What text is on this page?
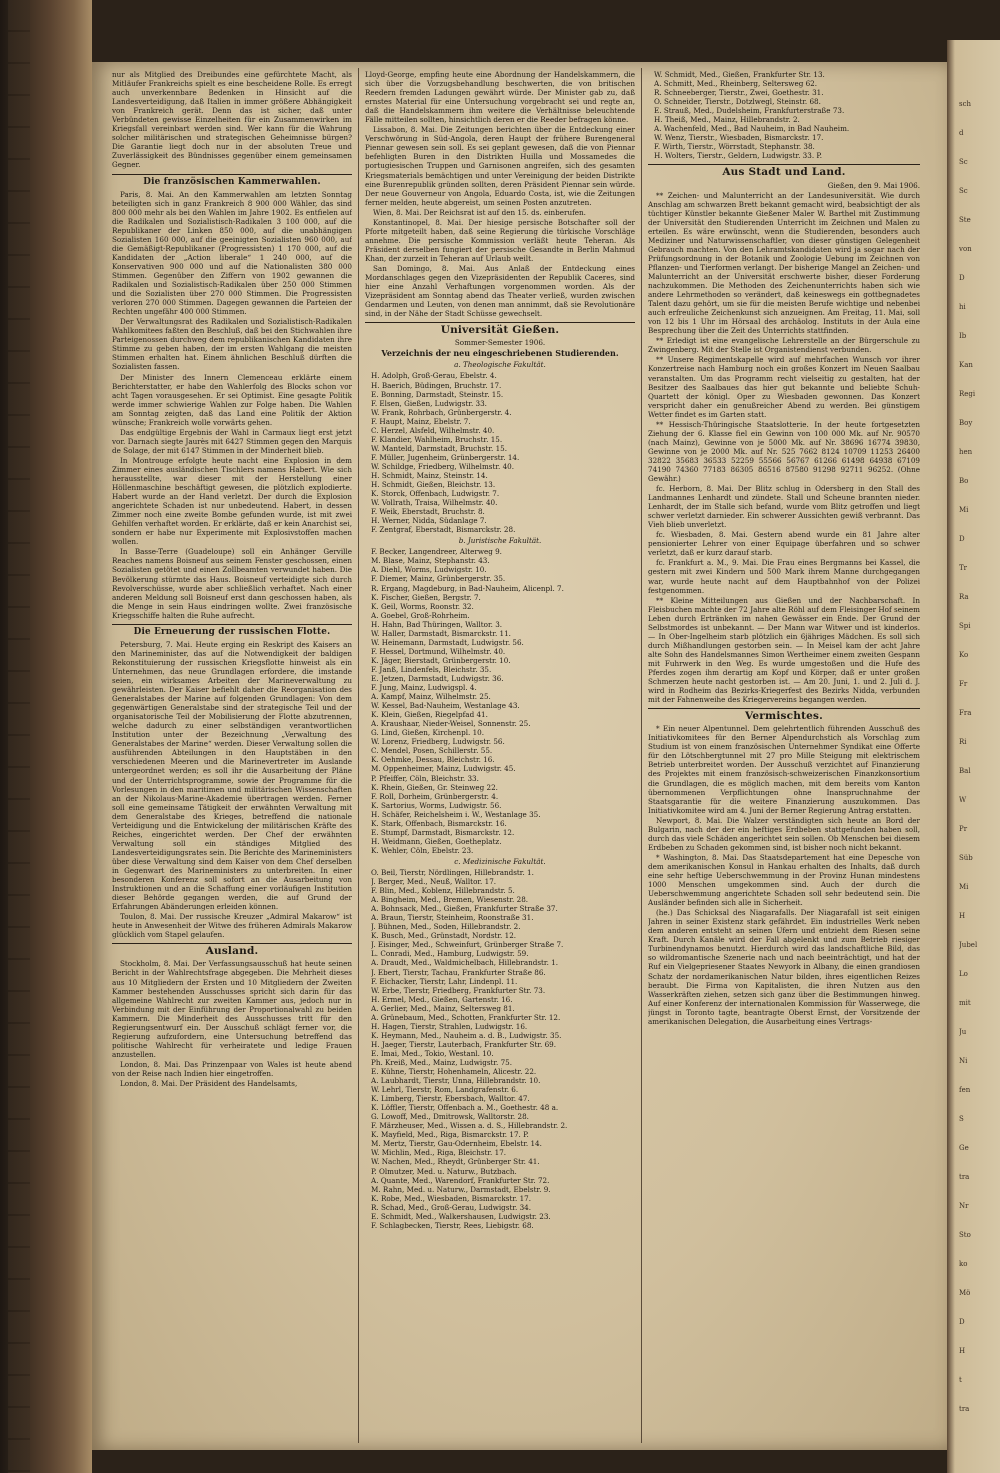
sch
d
Sc
Sc
Ste
von
D
hi
Ib
Kan
Regi
Boy
hen
Bo
Mi
D
Tr
Ra
Spi
Ko
Fr
Fra
Ri
Bal
W
Pr
Süb
Mi
H
Jubel
Lo
mit
Ju
Ni
fen
S
Ge
tra
Nr
Sto
ko
Mö
D
H
t
tra

nur als Mitglied des Dreibundes eine gefürchtete Macht, als Mitläufer Frankreichs spielt es eine bescheidene Rolle. Es erregt auch unverkennbare Bedenken in Hinsicht auf die Landesverteidigung, daß Italien in immer größere Abhängigkeit von Frankreich gerät. Denn das ist sicher, daß unter Verbündeten gewisse Einzelheiten für ein Zusammenwirken im Kriegsfall vereinbart werden sind. Wer kann für die Wahrung solcher militärischen und strategischen Geheimnisse bürgen? Die Garantie liegt doch nur in der absoluten Treue und Zuverlässigkeit des Bündnisses gegenüber einem gemeinsamen Gegner.

Die französischen Kammerwahlen.

Paris, 8. Mai. An den Kammerwahlen am letzten Sonntag beteiligten sich in ganz Frankreich 8 900 000 Wähler, das sind 800 000 mehr als bei den Wahlen im Jahre 1902. Es entfielen auf die Radikalen und Sozialistisch-Radikalen 3 100 000, auf die Republikaner der Linken 850 000, auf die unabhängigen Sozialisten 160 000, auf die geeinigten Sozialisten 960 000, auf die Gemäßigt-Republikaner (Progressisten) 1 170 000, auf die Kandidaten der „Action liberale“ 1 240 000, auf die Konservativen 900 000 und auf die Nationalisten 380 000 Stimmen. Gegenüber den Ziffern von 1902 gewannen die Radikalen und Sozialistisch-Radikalen über 250 000 Stimmen und die Sozialisten über 270 000 Stimmen. Die Progressisten verloren 270 000 Stimmen. Dagegen gewannen die Parteien der Rechten ungefähr 400 000 Stimmen.

Der Verwaltungsrat des Radikalen und Sozialistisch-Radikalen Wahlkomitees faßten den Beschluß, daß bei den Stichwahlen ihre Parteigenossen durchweg dem republikanischen Kandidaten ihre Stimme zu geben haben, der im ersten Wahlgang die meisten Stimmen erhalten hat. Einem ähnlichen Beschluß dürften die Sozialisten fassen.

Der Minister des Innern Clemenceau erklärte einem Berichterstatter, er habe den Wahlerfolg des Blocks schon vor acht Tagen vorausgesehen. Er sei Optimist. Eine gesagte Politik werde immer schwierige Wahlen zur Folge haben. Die Wahlen am Sonntag zeigten, daß das Land eine Politik der Aktion wünsche; Frankreich wolle vorwärts gehen.

Das endgültige Ergebnis der Wahl in Carmaux liegt erst jetzt vor. Darnach siegte Jaurès mit 6427 Stimmen gegen den Marquis de Solage, der mit 6147 Stimmen in der Minderheit blieb.

In Montrouge erfolgte heute nacht eine Explosion in dem Zimmer eines ausländischen Tischlers namens Habert. Wie sich herausstellte, war dieser mit der Herstellung einer Höllenmaschine beschäftigt gewesen, die plötzlich explodierte. Habert wurde an der Hand verletzt. Der durch die Explosion angerichtete Schaden ist nur unbedeutend. Habert, in dessen Zimmer noch eine zweite Bombe gefunden wurde, ist mit zwei Gehilfen verhaftet worden. Er erklärte, daß er kein Anarchist sei, sondern er habe nur Experimente mit Explosivstoffen machen wollen.

In Basse-Terre (Guadeloupe) soll ein Anhänger Gerville Reaches namens Boisneuf aus seinem Fenster geschossen, einen Sozialisten getötet und einen Zollbeamten verwundet haben. Die Bevölkerung stürmte das Haus. Boisneuf verteidigte sich durch Revolverschüsse, wurde aber schließlich verhaftet. Nach einer anderen Meldung soll Boisneuf erst dann geschossen haben, als die Menge in sein Haus eindringen wollte. Zwei französische Kriegsschiffe halten die Ruhe aufrecht.

Die Erneuerung der russischen Flotte.

Petersburg, 7. Mai. Heute erging ein Reskript des Kaisers an den Marineminister, das auf die Notwendigkeit der baldigen Rekonstituierung der russischen Kriegsflotte hinweist als ein Unternehmen, das neue Grundlagen erfordere, die imstande seien, ein wirksames Arbeiten der Marineverwaltung zu gewährleisten. Der Kaiser befiehlt daher die Reorganisation des Generalstabes der Marine auf folgenden Grundlagen: Von dem gegenwärtigen Generalstabe sind der strategische Teil und der organisatorische Teil der Mobilisierung der Flotte abzutrennen, welche dadurch zu einer selbständigen verantwortlichen Institution unter der Bezeichnung „Verwaltung des Generalstabes der Marine“ werden. Dieser Verwaltung sollen die ausführenden Abteilungen in den Hauptstäben in den verschiedenen Meeren und die Marinevertreter im Auslande untergeordnet werden; es soll ihr die Ausarbeitung der Pläne und der Unterrichtsprogramme, sowie der Programme für die Vorlesungen in den maritimen und militärischen Wissenschaften an der Nikolaus-Marine-Akademie übertragen werden. Ferner soll eine gemeinsame Tätigkeit der erwähnten Verwaltung mit dem Generalstabe des Krieges, betreffend die nationale Verteidigung und die Entwickelung der militärischen Kräfte des Reiches, eingerichtet werden. Der Chef der erwähnten Verwaltung soll ein ständiges Mitglied des Landesverteidigungsrates sein. Die Berichte des Marineministers über diese Verwaltung sind dem Kaiser von dem Chef derselben in Gegenwart des Marineministers zu unterbreiten. In einer besonderen Konferenz soll sofort an die Ausarbeitung von Instruktionen und an die Schaffung einer vorläufigen Institution dieser Behörde gegangen werden, die auf Grund der Erfahrungen Abänderungen erleiden können.

Toulon, 8. Mai. Der russische Kreuzer „Admiral Makarow“ ist heute in Anwesenheit der Witwe des früheren Admirals Makarow glücklich vom Stapel gelaufen.

Ausland.

Stockholm, 8. Mai. Der Verfassungsausschuß hat heute seinen Bericht in der Wahlrechtsfrage abgegeben. Die Mehrheit dieses aus 10 Mitgliedern der Ersten und 10 Mitgliedern der Zweiten Kammer bestehenden Ausschusses spricht sich darin für das allgemeine Wahlrecht zur zweiten Kammer aus, jedoch nur in Verbindung mit der Einführung der Proportionalwahl zu beiden Kammern. Die Minderheit des Ausschusses tritt für den Regierungsentwurf ein. Der Ausschuß schlägt ferner vor, die Regierung aufzufordern, eine Untersuchung betreffend das politische Wahlrecht für verheiratete und ledige Frauen anzustellen.

London, 8. Mai. Das Prinzenpaar von Wales ist heute abend von der Reise nach Indien hier eingetroffen.

London, 8. Mai. Der Präsident des Handelsamts,

Lloyd-George, empfing heute eine Abordnung der Handelskammern, die sich über die Vorzugsbehandlung beschwerten, die von britischen Reedern fremden Ladungen gewährt würde. Der Minister gab zu, daß ernstes Material für eine Untersuchung vorgebracht sei und regte an, daß die Handelskammern ihm weitere die Verhältnisse beleuchtende Fälle mitteilen sollten, hinsichtlich deren er die Reeder befragen könne.

Lissabon, 8. Mai. Die Zeitungen berichten über die Entdeckung einer Verschwörung in Süd-Angola, deren Haupt der frühere Burengeneral Piennar gewesen sein soll. Es sei geplant gewesen, daß die von Piennar befehligten Buren in den Distrikten Huilla und Mossamedes die portugiesischen Truppen und Garnisonen angreifen, sich des gesamten Kriegsmaterials bemächtigen und unter Vereinigung der beiden Distrikte eine Burenrepublik gründen sollten, deren Präsident Piennar sein würde. Der neue Gouverneur von Angola, Eduardo Costa, ist, wie die Zeitungen ferner melden, heute abgereist, um seinen Posten anzutreten.

Wien, 8. Mai. Der Reichsrat ist auf den 15. ds. einberufen.

Konstantinopel, 8. Mai. Der hiesige persische Botschafter soll der Pforte mitgeteilt haben, daß seine Regierung die türkische Vorschläge annehme. Die persische Kommission verläßt heute Teheran. Als Präsident derselben fungiert der persische Gesandte in Berlin Mahmud Khan, der zurzeit in Teheran auf Urlaub weilt.

San Domingo, 8. Mai. Aus Anlaß der Entdeckung eines Mordanschlages gegen den Vizepräsidenten der Republik Caceres, sind hier eine Anzahl Verhaftungen vorgenommen worden. Als der Vizepräsident am Sonntag abend das Theater verließ, wurden zwischen Gendarmen und Leuten, von denen man annimmt, daß sie Revolutionäre sind, in der Nähe der Stadt Schüsse gewechselt.

Universität Gießen.

Sommer-Semester 1906.

Verzeichnis der neu eingeschriebenen Studierenden.

a. Theologische Fakultät.

H. Adolph, Groß-Gerau, Ebelstr. 4.
H. Baerich, Büdingen, Bruchstr. 17.
E. Bonning, Darmstadt, Steinstr. 15.
F. Elsen, Gießen, Ludwigstr. 33.
W. Frank, Rohrbach, Grünbergerstr. 4.
F. Haupt, Mainz, Ebelstr. 7.
C. Herzel, Alsfeld, Wilhelmstr. 40.
F. Klandier, Wahlheim, Bruchstr. 15.
W. Manteld, Darmstadt, Bruchstr. 15.
F. Müller, Jugenheim, Grünbergerstr. 14.
W. Schildge, Friedberg, Wilhelmstr. 40.
H. Schmidt, Mainz, Steinstr. 14.
H. Schmidt, Gießen, Bleichstr. 13.
K. Storck, Offenbach, Ludwigstr. 7.
W. Vollrath, Traisa, Wilhelmstr. 40.
F. Weik, Eberstadt, Bruchstr. 8.
H. Werner, Nidda, Südanlage 7.
F. Zentgraf, Eberstadt, Bismarckstr. 28.

b. Juristische Fakultät.

F. Becker, Langendreer, Alterweg 9.
M. Blase, Mainz, Stephanstr. 43.
A. Diehl, Worms, Ludwigstr. 10.
F. Diemer, Mainz, Grünbergerstr. 35.
R. Ergang, Magdeburg, in Bad-Nauheim, Alicenpl. 7.
K. Fischer, Gießen, Bergstr. 7.
K. Geil, Worms, Roonstr. 32.
A. Goebel, Groß-Rohrheim.
H. Hahn, Bad Thüringen, Walltor. 3.
W. Haller, Darmstadt, Bismarckstr. 11.
W. Heinemann, Darmstadt, Ludwigstr. 56.
F. Hessel, Dortmund, Wilhelmstr. 40.
K. Jäger, Bierstadt, Grünbergerstr. 10.
F. Janß, Lindenfels, Bleichstr. 35.
E. Jetzen, Darmstadt, Ludwigstr. 36.
F. Jung, Mainz, Ludwigspl. 4.
A. Kampf, Mainz, Wilhelmstr. 25.
W. Kessel, Bad-Nauheim, Westanlage 43.
K. Klein, Gießen, Riegelpfad 41.
A. Kraushaar, Nieder-Weisel, Sonnenstr. 25.
G. Lind, Gießen, Kirchenpl. 10.
W. Lorenz, Friedberg, Ludwigstr. 56.
C. Mendel, Posen, Schillerstr. 55.
K. Oehmke, Dessau, Bleichstr. 16.
M. Oppenheimer, Mainz, Ludwigstr. 45.
P. Pfeiffer, Cöln, Bleichstr. 33.
K. Rhein, Gießen, Gr. Steinweg 22.
F. Roll, Dorheim, Grünbergerstr. 4.
K. Sartorius, Worms, Ludwigstr. 56.
H. Schäfer, Reichelsheim i. W., Westanlage 35.
K. Stark, Offenbach, Bismarckstr. 16.
E. Stumpf, Darmstadt, Bismarckstr. 12.
H. Weidmann, Gießen, Goetheplatz.
K. Wehler, Cöln, Ebelstr. 23.

c. Medizinische Fakultät.

O. Beil, Tierstr, Nördlingen, Hillebrandstr. 1.
J. Berger, Med., Neuß, Walltor. 17.
F. Blin, Med., Koblenz, Hillebrandstr. 5.
A. Bingheim, Med., Bremen, Wiesenstr. 28.
A. Bohnsack, Med., Gießen, Frankfurter Straße 37.
A. Braun, Tierstr, Steinheim, Roonstraße 31.
J. Bühnen, Med., Soden, Hillebrandstr. 2.
K. Busch, Med., Grünstadt, Nordstr. 12.
J. Eisinger, Med., Schweinfurt, Grünberger Straße 7.
L. Conradi, Med., Hamburg, Ludwigstr. 59.
A. Draudt, Med., Waldmichelbach, Hillebrandstr. 1.
J. Ebert, Tierstr, Tachau, Frankfurter Straße 86.
F. Eichacker, Tierstr, Lahr, Lindenpl. 11.
W. Erbe, Tierstr, Friedberg, Frankfurter Str. 73.
H. Ermel, Med., Gießen, Gartenstr. 16.
A. Gerlier, Med., Mainz, Seltersweg 81.
A. Grünebaum, Med., Schotten, Frankfurter Str. 12.
H. Hagen, Tierstr, Strahlen, Ludwigstr. 16.
K. Heymann, Med., Nauheim a. d. B., Ludwigstr. 35.
H. Jaeger, Tierstr, Lauterbach, Frankfurter Str. 69.
E. Imai, Med., Tokio, Westanl. 10.
Ph. Kreiß, Med., Mainz, Ludwigstr. 75.
E. Kühne, Tierstr, Hohenhameln, Alicestr. 22.
A. Laubhardt, Tierstr, Unna, Hillebrandstr. 10.
W. Lehrl, Tierstr, Rom, Landgrafenstr. 6.
K. Limberg, Tierstr, Ebersbach, Walltor. 47.
K. Löffler, Tierstr, Offenbach a. M., Goethestr. 48 a.
G. Lowoff, Med., Dmitrowsk, Walltorstr. 28.
F. Märzheuser, Med., Wissen a. d. S., Hillebrandstr. 2.
K. Mayfield, Med., Riga, Bismarckstr. 17. P.
M. Mertz, Tierstr, Gau-Odernheim, Ebelstr. 14.
W. Michlin, Med., Riga, Bleichstr. 17.
W. Nachen, Med., Rheydt, Grünberger Str. 41.
P. Olmutzer, Med. u. Naturw., Butzbach.
A. Quante, Med., Warendorf, Frankfurter Str. 72.
M. Rahn, Med. u. Naturw., Darmstadt, Ebelstr. 9.
K. Robe, Med., Wiesbaden, Bismarckstr. 17.
R. Schad, Med., Groß-Gerau, Ludwigstr. 34.
E. Schmidt, Med., Walkershausen, Ludwigstr. 23.
F. Schlagbecken, Tierstr, Rees, Liebigstr. 68.
W. Schmidt, Med., Gießen, Frankfurter Str. 13.
A. Schmitt, Med., Rheinberg, Seltersweg 62.
R. Schneeberger, Tierstr., Zwei, Goethestr. 31.
O. Schneider, Tierstr., Dotzlwegl, Steinstr. 68.
E. Strauß, Med., Dudelsheim, Frankfurterstraße 73.
H. Theiß, Med., Mainz, Hillebrandstr. 2.
A. Wachenfeld, Med., Bad Nauheim, in Bad Nauheim.
W. Wenz, Tierstr., Wiesbaden, Bismarckstr. 17.
F. Wirth, Tierstr., Wörrstadt, Stephanstr. 38.
H. Wolters, Tierstr., Geldern, Ludwigstr. 33. P.
Aus Stadt und Land.

Gießen, den 9. Mai 1906.

** Zeichen- und Malunterricht an der Landesuniversität. Wie durch Anschlag am schwarzen Brett bekannt gemacht wird, beabsichtigt der als tüchtiger Künstler bekannte Gießener Maler W. Barthel mit Zustimmung der Universität den Studierenden Unterricht im Zeichnen und Malen zu erteilen. Es wäre erwünscht, wenn die Studierenden, besonders auch Mediziner und Naturwissenschaftler, von dieser günstigen Gelegenheit Gebrauch machten. Von den Lehramtskandidaten wird ja sogar nach der Prüfungsordnung in der Botanik und Zoologie Uebung im Zeichnen von Pflanzen- und Tierformen verlangt. Der bisherige Mangel an Zeichen- und Malunterricht an der Universität erschwerte bisher, dieser Forderung nachzukommen. Die Methoden des Zeichenunterrichts haben sich wie andere Lehrmethoden so verändert, daß keineswegs ein gottbegnadetes Talent dazu gehört, um sie für die meisten Berufe wichtige und nebenbei auch erfreuliche Zeichenkunst sich anzueignen. Am Freitag, 11. Mai, soll von 12 bis 1 Uhr im Hörsaal des archäolog. Instituts in der Aula eine Besprechung über die Zeit des Unterrichts stattfinden.

** Erledigt ist eine evangelische Lehrerstelle an der Bürgerschule zu Zwingenberg. Mit der Stelle ist Organistendienst verbunden.

** Unsere Regimentskapelle wird auf mehrfachen Wunsch vor ihrer Konzertreise nach Hamburg noch ein großes Konzert im Neuen Saalbau veranstalten. Um das Programm recht vielseitig zu gestalten, hat der Besitzer des Saalbaues das hier gut bekannte und beliebte Schuh-Quartett der königl. Oper zu Wiesbaden gewonnen. Das Konzert verspricht daher ein genußreicher Abend zu werden. Bei günstigem Wetter findet es im Garten statt.

** Hessisch-Thüringische Staatslotterie. In der heute fortgesetzten Ziehung der 6. Klasse fiel ein Gewinn von 100 000 Mk. auf Nr. 90570 (nach Mainz), Gewinne von je 5000 Mk. auf Nr. 38696 16774 39830, Gewinne von je 2000 Mk. auf Nr. 525 7662 8124 10709 11253 26400 32822 35683 36533 52259 55566 56767 61266 61498 64938 67109 74190 74360 77183 86305 86516 87580 91298 92711 96252. (Ohne Gewähr.)

fc. Herborn, 8. Mai. Der Blitz schlug in Odersberg in den Stall des Landmannes Lenhardt und zündete. Stall und Scheune brannten nieder. Lenhardt, der im Stalle sich befand, wurde vom Blitz getroffen und liegt schwer verletzt darnieder. Ein schwerer Aussichten gewiß verbrannt. Das Vieh blieb unverletzt.

fc. Wiesbaden, 8. Mai. Gestern abend wurde ein 81 Jahre alter pensionierter Lehrer von einer Equipage überfahren und so schwer verletzt, daß er kurz darauf starb.

fc. Frankfurt a. M., 9. Mai. Die Frau eines Bergmanns bei Kassel, die gestern mit zwei Kindern und 500 Mark ihrem Manne durchgegangen war, wurde heute nacht auf dem Hauptbahnhof von der Polizei festgenommen.

** Kleine Mitteilungen aus Gießen und der Nachbarschaft. In Fleisbuchen machte der 72 Jahre alte Röhl auf dem Fleisinger Hof seinem Leben durch Ertränken im nahen Gewässer ein Ende. Der Grund der Selbstmordes ist unbekannt. — Der Mann war Witwer und ist kinderlos. — In Ober-Ingelheim starb plötzlich ein 6jähriges Mädchen. Es soll sich durch Mißhandlungen gestorben sein. — In Meisel kam der acht Jahre alte Sohn des Handelsmannes Simon Wertheimer einem zweiten Gespann mit Fuhrwerk in den Weg. Es wurde umgestoßen und die Hufe des Pferdes zogen ihm derartig am Kopf und Körper, daß er unter großen Schmerzen heute nacht gestorben ist. — Am 20. Juni, 1. und 2. Juli d. J. wird in Rodheim das Bezirks-Kriegerfest des Bezirks Nidda, verbunden mit der Fahnenweihe des Kriegervereins begangen werden.

Vermischtes.

* Ein neuer Alpentunnel. Dem gelehrtentlich führenden Ausschuß des Initiativkomitees für den Berner Alpendurchstich als Vorschlag zum Studium ist von einem französischen Unternehmer Syndikat eine Offerte für den Lötschbergtunnel mit 27 pro Mille Steigung mit elektrischem Betrieb unterbreitet worden. Der Ausschuß verzichtet auf Finanzierung des Projektes mit einem französisch-schweizerischen Finanzkonsortium die Grundlagen, die es möglich machen, mit dem bereits vom Kanton übernommenen Verpflichtungen ohne Inanspruchnahme der Staatsgarantie für die weitere Finanzierung auszukommen. Das Initiativkomitee wird am 4. Juni der Berner Regierung Antrag erstatten.

Newport, 8. Mai. Die Walzer verständigten sich heute an Bord der Bulgarin, nach der der ein heftiges Erdbeben stattgefunden haben soll, durch das viele Schäden angerichtet sein sollen. Ob Menschen bei diesem Erdbeben zu Schaden gekommen sind, ist bisher noch nicht bekannt.

* Washington, 8. Mai. Das Staatsdepartement hat eine Depesche von dem amerikanischen Konsul in Hankau erhalten des Inhalts, daß durch eine sehr heftige Ueberschwemmung in der Provinz Hunan mindestens 1000 Menschen umgekommen sind. Auch der durch die Ueberschwemmung angerichtete Schaden soll sehr bedeutend sein. Die Ausländer befinden sich alle in Sicherheit.

(he.) Das Schicksal des Niagarafalls. Der Niagarafall ist seit einigen Jahren in seiner Existenz stark gefährdet. Ein industrielles Werk neben dem anderen entsteht an seinen Ufern und entzieht dem Riesen seine Kraft. Durch Kanäle wird der Fall abgelenkt und zum Betrieb riesiger Turbinendynamos benutzt. Hierdurch wird das landschaftliche Bild, das so wildromantische Szenerie nach und nach beeinträchtigt, und hat der Ruf ein Vielgepriesener Staates Newyork in Albany, die einen grandiosen Schatz der nordamerikanischen Natur bilden, ihres eigentlichen Reizes beraubt. Die Firma von Kapitalisten, die ihren Nutzen aus den Wasserkräften ziehen, setzen sich ganz über die Bestimmungen hinweg. Auf einer Konferenz der internationalen Kommission für Wasserwege, die jüngst in Toronto tagte, beantragte Oberst Ernst, der Vorsitzende der amerikanischen Delegation, die Ausarbeitung eines Vertrags-
